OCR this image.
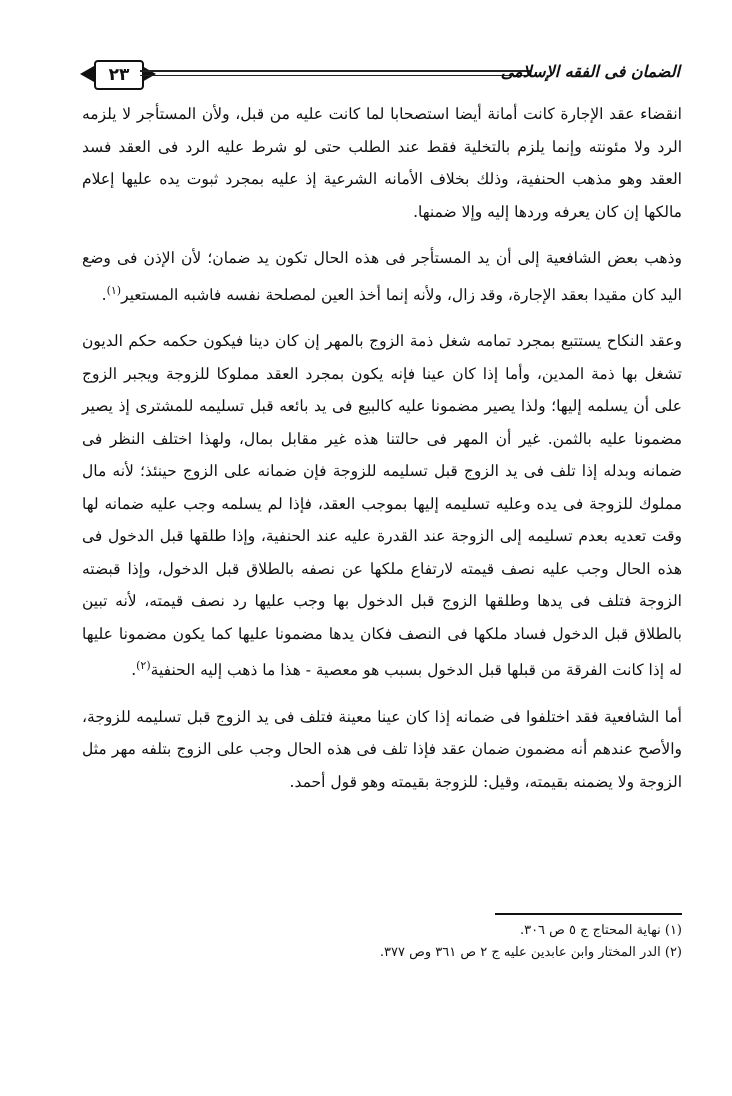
٢٣	الضمان فى الفقه الإسلامى

انقضاء عقد الإجارة كانت أمانة أيضا استصحابا لما كانت عليه من قبل، ولأن المستأجر لا يلزمه الرد ولا مئونته وإنما يلزم بالتخلية فقط عند الطلب حتى لو شرط عليه الرد فى العقد فسد العقد وهو مذهب الحنفية، وذلك بخلاف الأمانه الشرعية إذ عليه بمجرد ثبوت يده عليها إعلام مالكها إن كان يعرفه وردها إليه وإلا ضمنها.

وذهب بعض الشافعية إلى أن يد المستأجر فى هذه الحال تكون يد ضمان؛ لأن الإذن فى وضع اليد كان مقيدا بعقد الإجارة، وقد زال، ولأنه إنما أخذ العين لمصلحة نفسه فاشبه المستعير$^{(١)}$.

وعقد النكاح يستتبع بمجرد تمامه شغل ذمة الزوج بالمهر إن كان دينا فيكون حكمه حكم الديون تشغل بها ذمة المدين، وأما إذا كان عينا فإنه يكون بمجرد العقد مملوكا للزوجة ويجبر الزوج على أن يسلمه إليها؛ ولذا يصير مضمونا عليه كالبيع فى يد بائعه قبل تسليمه للمشترى إذ يصير مضمونا عليه بالثمن. غير أن المهر فى حالتنا هذه غير مقابل بمال، ولهذا اختلف النظر فى ضمانه وبدله إذا تلف فى يد الزوج قبل تسليمه للزوجة فإن ضمانه على الزوج حينئذ؛ لأنه مال مملوك للزوجة فى يده وعليه تسليمه إليها بموجب العقد، فإذا لم يسلمه وجب عليه ضمانه لها وقت تعديه بعدم تسليمه إلى الزوجة عند القدرة عليه عند الحنفية، وإذا طلقها قبل الدخول فى هذه الحال وجب عليه نصف قيمته لارتفاع ملكها عن نصفه بالطلاق قبل الدخول، وإذا قبضته الزوجة فتلف فى يدها وطلقها الزوج قبل الدخول بها وجب عليها رد نصف قيمته، لأنه تبين بالطلاق قبل الدخول فساد ملكها فى النصف فكان يدها مضمونا عليها كما يكون مضمونا عليها له إذا كانت الفرقة من قبلها قبل الدخول بسبب هو معصية - هذا ما ذهب إليه الحنفية$^{(٢)}$.

أما الشافعية فقد اختلفوا فى ضمانه إذا كان عينا معينة فتلف فى يد الزوج قبل تسليمه للزوجة، والأصح عندهم أنه مضمون ضمان عقد فإذا تلف فى هذه الحال وجب على الزوج بتلفه مهر مثل الزوجة ولا يضمنه بقيمته، وقيل: للزوجة بقيمته وهو قول أحمد.

(١) نهاية المحتاج ج ٥ ص ٣٠٦.

(٢) الدر المختار وابن عابدين عليه ج ٢ ص ٣٦١ وص ٣٧٧.
